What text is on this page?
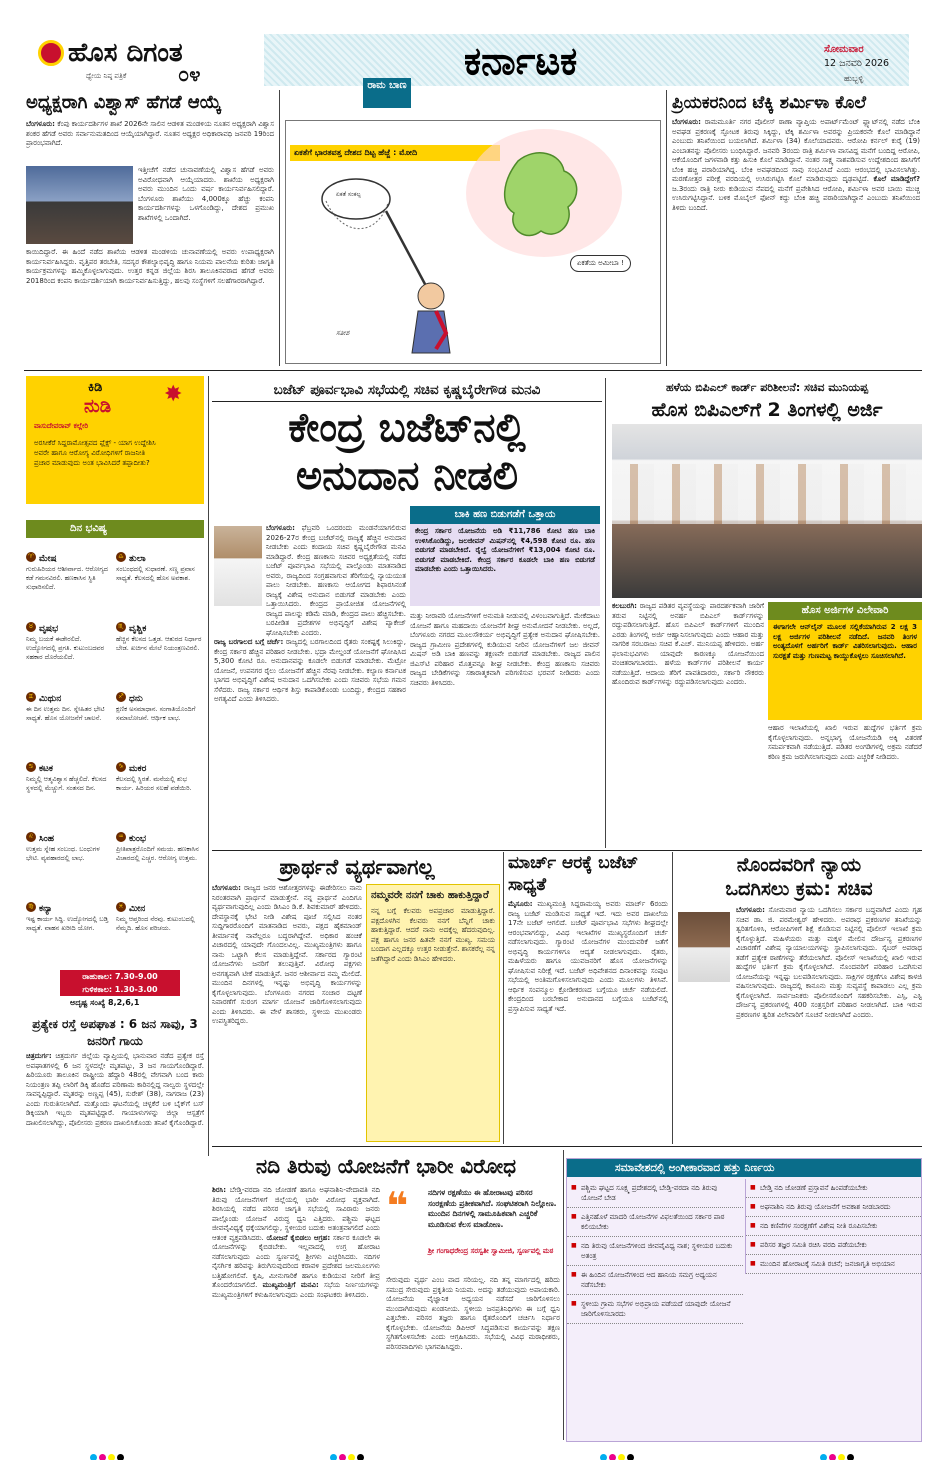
ಹೊಸ ದಿಗಂತ
ಧ್ಯೇಯ ನಿಷ್ಠ ಪತ್ರಿಕೆ	೦೪	ಕರ್ನಾಟಕ	ಸೋಮವಾರ
12 ಜನವರಿ 2026
ಹುಬ್ಬಳ್ಳಿ
ರಾಮ ಬಾಣ
ಅಧ್ಯಕ್ಷರಾಗಿ ವಿಶ್ವಾಸ್ ಹೆಗಡೆ ಆಯ್ಕೆ
ಬೆಂಗಳೂರು: ಕೆಂಪು ಕಾರ್ಯದರ್ಶಿಗಳ ಶಾಖೆ 2026ನೇ ಸಾಲಿನ ಆಡಳಿತ ಮಂಡಳಿಯ ನೂತನ ಅಧ್ಯಕ್ಷರಾಗಿ ವಿಶ್ವಾಸ ಶಂಕರ ಹೆಗಡೆ ಅವರು ಸರ್ವಾನುಮತದಿಂದ ಆಯ್ಕೆಯಾಗಿದ್ದಾರೆ. ನೂತನ ಅಧ್ಯಕ್ಷರ ಅಧಿಕಾರಾವಧಿ ಜನವರಿ 19ರಿಂದ ಪ್ರಾರಂಭವಾಗಿದೆ.
ಇತ್ತೀಚೆಗೆ ನಡೆದ ಚುನಾವಣೆಯಲ್ಲಿ ವಿಶ್ವಾಸ ಹೆಗಡೆ ಅವರು ಅವಿರೋಧವಾಗಿ ಆಯ್ಕೆಯಾದರು. ಶಾಖೆಯ ಅಧ್ಯಕ್ಷರಾಗಿ ಅವರು ಮುಂದಿನ ಒಂದು ವರ್ಷ ಕಾರ್ಯನಿರ್ವಹಿಸಲಿದ್ದಾರೆ. ಬೆಂಗಳೂರು ಶಾಖೆಯು 4,000ಕ್ಕೂ ಹೆಚ್ಚು ಕಂಪನಿ ಕಾರ್ಯದರ್ಶಿಗಳನ್ನು ಒಳಗೊಂಡಿದ್ದು, ದೇಶದ ಪ್ರಮುಖ ಶಾಖೆಗಳಲ್ಲಿ ಒಂದಾಗಿದೆ.
ಕಾಯಿದಿದ್ದಾರೆ. ಈ ಹಿಂದೆ ನಡೆದ ಶಾಖೆಯ ಆಡಳಿತ ಮಂಡಳಿಯ ಚುನಾವಣೆಯಲ್ಲಿ ಅವರು ಉಪಾಧ್ಯಕ್ಷರಾಗಿ ಕಾರ್ಯನಿರ್ವಹಿಸಿದ್ದರು. ವೃತ್ತಿಪರ ತರಬೇತಿ, ಸದಸ್ಯರ ಕೌಶಲ್ಯಾಭಿವೃದ್ಧಿ ಹಾಗೂ ನಿಯಮ ಪಾಲನೆಯ ಕುರಿತು ಜಾಗೃತಿ ಕಾರ್ಯಕ್ರಮಗಳನ್ನು ಹಮ್ಮಿಕೊಳ್ಳಲಾಗುವುದು. ಉತ್ತರ ಕನ್ನಡ ಜಿಲ್ಲೆಯ ಶಿರಸಿ ತಾಲೂಕಿನವರಾದ ಹೆಗಡೆ ಅವರು 2018ರಿಂದ ಕಂಪನಿ ಕಾರ್ಯದರ್ಶಿಯಾಗಿ ಕಾರ್ಯನಿರ್ವಹಿಸುತ್ತಿದ್ದು, ಹಲವು ಸಂಸ್ಥೆಗಳಿಗೆ ಸಲಹೆಗಾರರಾಗಿದ್ದಾರೆ.
ಏಕತೆಗೆ ಭಾರತವತ್ತ ದೇಶದ ದಿಟ್ಟ ಹೆಜ್ಜೆ : ಮೋದಿ
ಏಕತೆ ಸಂಕಲ್ಪ
ಏಕತೆಯ ಅಮೀಬಾ !
ಸತೀಶ
ಪ್ರಿಯಕರನಿಂದ ಟೆಕ್ಕಿ ಶರ್ಮಿಳಾ ಕೊಲೆ
ಬೆಂಗಳೂರು: ರಾಮಮೂರ್ತಿ ನಗರ ಪೊಲೀಸ್ ಠಾಣಾ ವ್ಯಾಪ್ತಿಯ ಅಪಾರ್ಟ್‌ಮೆಂಟ್ ಫ್ಲ್ಯಾಟ್‌ನಲ್ಲಿ ನಡೆದ ಬೆಂಕಿ ಅವಘಡ ಪ್ರಕರಣಕ್ಕೆ ಸ್ಫೋಟಕ ತಿರುವು ಸಿಕ್ಕಿದ್ದು, ಟೆಕ್ಕಿ ಶರ್ಮಿಳಾ ಅವರನ್ನು ಪ್ರಿಯಕರನೇ ಕೊಲೆ ಮಾಡಿದ್ದಾನೆ ಎಂಬುದು ತನಿಖೆಯಿಂದ ಬಯಲಾಗಿದೆ. ಶರ್ಮಿಳಾ (34) ಕೊಲೆಯಾದವರು. ಆರೋಪಿ ಕರ್ನಲ್ ಕುರೈ (19) ಎಂಬಾತನನ್ನು ಪೊಲೀಸರು ಬಂಧಿಸಿದ್ದಾರೆ. ಜನವರಿ 3ರಂದು ರಾತ್ರಿ ಶರ್ಮಿಳಾ ವಾಸವಿದ್ದ ಮನೆಗೆ ಬಂದಿದ್ದ ಆರೋಪಿ, ಆಕೆಯೊಂದಿಗೆ ಜಗಳವಾಡಿ ಕತ್ತು ಹಿಸುಕಿ ಕೊಲೆ ಮಾಡಿದ್ದಾನೆ. ನಂತರ ಸಾಕ್ಷ್ಯ ನಾಶಪಡಿಸುವ ಉದ್ದೇಶದಿಂದ ಹಾಸಿಗೆಗೆ ಬೆಂಕಿ ಹಚ್ಚಿ ಪರಾರಿಯಾಗಿದ್ದ. ಬೆಂಕಿ ಅವಘಡದಿಂದ ಸಾವು ಸಂಭವಿಸಿದೆ ಎಂದು ಆರಂಭದಲ್ಲಿ ಭಾವಿಸಲಾಗಿತ್ತು. ಮರಣೋತ್ತರ ಪರೀಕ್ಷೆ ವರದಿಯಲ್ಲಿ ಉಸಿರುಗಟ್ಟಿಸಿ ಕೊಲೆ ಮಾಡಿರುವುದು ದೃಢಪಟ್ಟಿದೆ. ಕೊಲೆ ಮಾಡಿದ್ದೇಗೆ? ಜ.3ರಂದು ರಾತ್ರಿ ನೀರು ಕುಡಿಯುವ ನೆಪದಲ್ಲಿ ಮನೆಗೆ ಪ್ರವೇಶಿಸಿದ ಆರೋಪಿ, ಶರ್ಮಿಳಾ ಅವರ ಬಾಯಿ ಮುಚ್ಚಿ ಉಸಿರುಗಟ್ಟಿಸಿದ್ದಾನೆ. ಬಳಿಕ ಮೊಬೈಲ್ ಫೋನ್ ಕದ್ದು ಬೆಂಕಿ ಹಚ್ಚಿ ಪರಾರಿಯಾಗಿದ್ದಾನೆ ಎಂಬುದು ತನಿಖೆಯಿಂದ ತಿಳಿದು ಬಂದಿದೆ.
ಕಿಡಿ
ನುಡಿ ✸
ವಾಸುದೇವರಾವ್ ಕಲ್ಲೇರಿ
ಅರಸೀಕೆರೆ ಸಿದ್ದರಾಮೋತ್ಸವದ ಫ್ಲೆಕ್ಸ್ - ಯಾಗ ಉದ್ದೇಶಿಸಿ
ಅವರೇ ಹಾಗೂ ಆರೋಗ್ಯ ವಿರೋಧಿಗಳಿಗೆ ರಾಜನೀತಿ
ಪ್ರಚಾರ ಮಾಡುವುದು ಅಂತ ಭಾವಿಸಿದರೆ ತಪ್ಪಾದೀತು?
ದಿನ ಭವಿಷ್ಯ
♈ ಮೇಷ
ಗುರುಹಿರಿಯರ ಆಶೀರ್ವಾದ. ಆರೋಗ್ಯದ ಕಡೆ ಗಮನವಿರಲಿ. ಹಣಕಾಸಿನ ಸ್ಥಿತಿ ಸುಧಾರಿಸಲಿದೆ.
♎ ತುಲಾ
ಸಂಬಂಧದಲ್ಲಿ ಸುಧಾರಣೆ. ಸಣ್ಣ ಪ್ರವಾಸ ಸಾಧ್ಯತೆ. ಕೆಲಸದಲ್ಲಿ ಹೊಸ ಅವಕಾಶ.
♉ ವೃಷಭ
ನಿಮ್ಮ ಬಯಕೆ ಈಡೇರಲಿದೆ. ಉದ್ಯೋಗದಲ್ಲಿ ಪ್ರಗತಿ. ಕುಟುಂಬದವರ ಸಹಕಾರ ದೊರೆಯಲಿದೆ.
♏ ವೃಶ್ಚಿಕ
ಹೆಚ್ಚಿನ ಕೆಲಸದ ಒತ್ತಡ. ಆತುರದ ನಿರ್ಧಾರ ಬೇಡ. ಖರ್ಚಿನ ಮೇಲೆ ನಿಯಂತ್ರಣವಿರಲಿ.
♊ ಮಿಥುನ
ಈ ದಿನ ಉತ್ತಮ ದಿನ. ಸ್ನೇಹಿತರ ಭೇಟಿ ಸಾಧ್ಯತೆ. ಹೊಸ ಯೋಜನೆಗೆ ಚಾಲನೆ.
♐ ಧನು
ಕ್ಷಣಿಕ ಅಸಮಾಧಾನ. ಸಂಗಾತಿಯೊಂದಿಗೆ ಸಮಾಲೋಚನೆ. ಆರ್ಥಿಕ ಲಾಭ.
♋ ಕಟಕ
ನಿಮ್ಮಲ್ಲಿ ಆತ್ಮವಿಶ್ವಾಸ ಹೆಚ್ಚಲಿದೆ. ಕೆಲಸದ ಸ್ಥಳದಲ್ಲಿ ಮೆಚ್ಚುಗೆ. ಸಂತಸದ ದಿನ.
♑ ಮಕರ
ಕೆಲಸದಲ್ಲಿ ಸ್ಥಿರತೆ. ಮನೆಯಲ್ಲಿ ಶುಭ ಕಾರ್ಯ. ಹಿರಿಯರ ಸಲಹೆ ಪಡೆಯಿರಿ.
♌ ಸಿಂಹ
ಉತ್ತಮ ಸ್ನೇಹ ಸಂಬಂಧ. ಬಂಧುಗಳ ಭೇಟಿ. ವ್ಯವಹಾರದಲ್ಲಿ ಲಾಭ.
♒ ಕುಂಭ
ಪ್ರೀತಿಪಾತ್ರರೊಂದಿಗೆ ಸಮಯ. ಹಣಕಾಸಿನ ವಿಚಾರದಲ್ಲಿ ಎಚ್ಚರ. ಆರೋಗ್ಯ ಉತ್ತಮ.
♍ ಕನ್ಯಾ
ಇಷ್ಟ ಕಾರ್ಯ ಸಿದ್ಧಿ. ಉದ್ಯೋಗದಲ್ಲಿ ಬಡ್ತಿ ಸಾಧ್ಯತೆ. ವಾಹನ ಖರೀದಿ ಯೋಗ.
♓ ಮೀನ
ನಿಮ್ಮ ಆಪ್ತರಿಂದ ನೆರವು. ಕುಟುಂಬದಲ್ಲಿ ನೆಮ್ಮದಿ. ಹೊಸ ಪರಿಚಯ.
ರಾಹುಕಾಲ: 7.30-9.00
ಗುಳಿಕಕಾಲ: 1.30-3.00
ಅದೃಷ್ಟ ಸಂಖ್ಯೆ 8,2,6,1
ಪ್ರತ್ಯೇಕ ರಸ್ತೆ ಅಪಘಾತ : 6 ಜನ ಸಾವು, 3 ಜನರಿಗೆ ಗಾಯ
ಚಿತ್ರದುರ್ಗ: ಚಿತ್ರದುರ್ಗ ಜಿಲ್ಲೆಯ ವ್ಯಾಪ್ತಿಯಲ್ಲಿ ಭಾನುವಾರ ನಡೆದ ಪ್ರತ್ಯೇಕ ರಸ್ತೆ ಅಪಘಾತಗಳಲ್ಲಿ 6 ಜನ ಸ್ಥಳದಲ್ಲೇ ಮೃತಪಟ್ಟು, 3 ಜನ ಗಾಯಗೊಂಡಿದ್ದಾರೆ. ಹಿರಿಯೂರು ತಾಲೂಕಿನ ರಾಷ್ಟ್ರೀಯ ಹೆದ್ದಾರಿ 48ರಲ್ಲಿ ವೇಗವಾಗಿ ಬಂದ ಕಾರು ನಿಯಂತ್ರಣ ತಪ್ಪಿ ಲಾರಿಗೆ ಡಿಕ್ಕಿ ಹೊಡೆದ ಪರಿಣಾಮ ಕಾರಿನಲ್ಲಿದ್ದ ನಾಲ್ವರು ಸ್ಥಳದಲ್ಲೇ ಸಾವನ್ನಪ್ಪಿದ್ದಾರೆ. ಮೃತರನ್ನು ಅಣ್ಣಪ್ಪ (45), ಸುರೇಶ್ (38), ನಾಗರಾಜ (23) ಎಂದು ಗುರುತಿಸಲಾಗಿದೆ. ಮತ್ತೊಂದು ಘಟನೆಯಲ್ಲಿ ಚಳ್ಳಕೆರೆ ಬಳಿ ಬೈಕ್‌ಗೆ ಬಸ್ ಡಿಕ್ಕಿಯಾಗಿ ಇಬ್ಬರು ಮೃತಪಟ್ಟಿದ್ದಾರೆ. ಗಾಯಾಳುಗಳನ್ನು ಜಿಲ್ಲಾ ಆಸ್ಪತ್ರೆಗೆ ದಾಖಲಿಸಲಾಗಿದ್ದು, ಪೊಲೀಸರು ಪ್ರಕರಣ ದಾಖಲಿಸಿಕೊಂಡು ತನಿಖೆ ಕೈಗೊಂಡಿದ್ದಾರೆ.
ಬಜೆಟ್ ಪೂರ್ವಭಾವಿ ಸಭೆಯಲ್ಲಿ ಸಚಿವ ಕೃಷ್ಣಬೈರೇಗೌಡ ಮನವಿ
ಕೇಂದ್ರ ಬಜೆಟ್‌ನಲ್ಲಿ
ಅನುದಾನ ನೀಡಲಿ
ಬೆಂಗಳೂರು: ಫೆಬ್ರವರಿ ಒಂದರಂದು ಮಂಡನೆಯಾಗಲಿರುವ 2026-27ರ ಕೇಂದ್ರ ಬಜೆಟ್‌ನಲ್ಲಿ ರಾಜ್ಯಕ್ಕೆ ಹೆಚ್ಚಿನ ಅನುದಾನ ನೀಡಬೇಕು ಎಂದು ಕಂದಾಯ ಸಚಿವ ಕೃಷ್ಣಬೈರೇಗೌಡ ಮನವಿ ಮಾಡಿದ್ದಾರೆ. ಕೇಂದ್ರ ಹಣಕಾಸು ಸಚಿವರ ಅಧ್ಯಕ್ಷತೆಯಲ್ಲಿ ನಡೆದ ಬಜೆಟ್ ಪೂರ್ವಭಾವಿ ಸಭೆಯಲ್ಲಿ ಪಾಲ್ಗೊಂಡು ಮಾತನಾಡಿದ ಅವರು, ರಾಜ್ಯದಿಂದ ಸಂಗ್ರಹವಾಗುವ ತೆರಿಗೆಯಲ್ಲಿ ನ್ಯಾಯಯುತ ಪಾಲು ನೀಡಬೇಕು. ಹಣಕಾಸು ಆಯೋಗದ ಶಿಫಾರಸಿನಂತೆ ರಾಜ್ಯಕ್ಕೆ ವಿಶೇಷ ಅನುದಾನ ಬಿಡುಗಡೆ ಮಾಡಬೇಕು ಎಂದು ಒತ್ತಾಯಿಸಿದರು. ಕೇಂದ್ರದ ಪ್ರಾಯೋಜಿತ ಯೋಜನೆಗಳಲ್ಲಿ ರಾಜ್ಯದ ಪಾಲನ್ನು ಕಡಿಮೆ ಮಾಡಿ, ಕೇಂದ್ರದ ಪಾಲು ಹೆಚ್ಚಿಸಬೇಕು. ಬರಪೀಡಿತ ಪ್ರದೇಶಗಳ ಅಭಿವೃದ್ಧಿಗೆ ವಿಶೇಷ ಪ್ಯಾಕೇಜ್ ಘೋಷಿಸಬೇಕು ಎಂದರು.
ರಾಜ್ಯ ಬರಗಾಲದ ಬಗ್ಗೆ ಚರ್ಚೆ: ರಾಜ್ಯದಲ್ಲಿ ಬರಗಾಲದಿಂದ ರೈತರು ಸಂಕಷ್ಟಕ್ಕೆ ಸಿಲುಕಿದ್ದು, ಕೇಂದ್ರ ಸರ್ಕಾರ ಹೆಚ್ಚಿನ ಪರಿಹಾರ ನೀಡಬೇಕು. ಭದ್ರಾ ಮೇಲ್ದಂಡೆ ಯೋಜನೆಗೆ ಘೋಷಿಸಿದ 5,300 ಕೋಟಿ ರೂ. ಅನುದಾನವನ್ನು ಕೂಡಲೇ ಬಿಡುಗಡೆ ಮಾಡಬೇಕು. ಮೆಟ್ರೋ ಯೋಜನೆ, ಉಪನಗರ ರೈಲು ಯೋಜನೆಗೆ ಹೆಚ್ಚಿನ ನೆರವು ನೀಡಬೇಕು. ಕಲ್ಯಾಣ ಕರ್ನಾಟಕ ಭಾಗದ ಅಭಿವೃದ್ಧಿಗೆ ವಿಶೇಷ ಅನುದಾನ ಒದಗಿಸಬೇಕು ಎಂದು ಸಚಿವರು ಸಭೆಯ ಗಮನ ಸೆಳೆದರು. ರಾಜ್ಯ ಸರ್ಕಾರ ಆರ್ಥಿಕ ಶಿಸ್ತು ಕಾಪಾಡಿಕೊಂಡು ಬಂದಿದ್ದು, ಕೇಂದ್ರದ ಸಹಕಾರ ಅಗತ್ಯವಿದೆ ಎಂದು ತಿಳಿಸಿದರು.
ಬಾಕಿ ಹಣ ಬಿಡುಗಡೆಗೆ ಒತ್ತಾಯ
ಕೇಂದ್ರ ಸರ್ಕಾರ ಯೋಜನೆಯ ಅಡಿ ₹11,786 ಕೋಟಿ ಹಣ ಬಾಕಿ ಉಳಿಸಿಕೊಂಡಿದ್ದು, ಜಲಜೀವನ್ ಮಿಷನ್‌ನಲ್ಲಿ ₹4,598 ಕೋಟಿ ರೂ. ಹಣ ಬಿಡುಗಡೆ ಮಾಡಬೇಕಿದೆ. ರೈಲ್ವೆ ಯೋಜನೆಗಳಿಗೆ ₹13,004 ಕೋಟಿ ರೂ. ಬಿಡುಗಡೆ ಮಾಡಬೇಕಿದೆ. ಕೇಂದ್ರ ಸರ್ಕಾರ ಕೂಡಲೇ ಬಾಕಿ ಹಣ ಬಿಡುಗಡೆ ಮಾಡಬೇಕು ಎಂದು ಒತ್ತಾಯಿಸಿದರು.
ಮತ್ತು ನೀರಾವರಿ ಯೋಜನೆಗಳಿಗೆ ಅನುಮತಿ ನೀಡುವಲ್ಲಿ ವಿಳಂಬವಾಗುತ್ತಿದೆ. ಮೇಕೆದಾಟು ಯೋಜನೆ ಹಾಗೂ ಮಹದಾಯಿ ಯೋಜನೆಗೆ ಶೀಘ್ರ ಅನುಮೋದನೆ ನೀಡಬೇಕು. ಅಲ್ಲದೆ, ಬೆಂಗಳೂರು ನಗರದ ಮೂಲಸೌಕರ್ಯ ಅಭಿವೃದ್ಧಿಗೆ ಪ್ರತ್ಯೇಕ ಅನುದಾನ ಘೋಷಿಸಬೇಕು. ರಾಜ್ಯದ ಗ್ರಾಮೀಣ ಪ್ರದೇಶಗಳಲ್ಲಿ ಕುಡಿಯುವ ನೀರಿನ ಯೋಜನೆಗಳಿಗೆ ಜಲ ಜೀವನ್ ಮಿಷನ್ ಅಡಿ ಬಾಕಿ ಹಣವನ್ನು ತಕ್ಷಣವೇ ಬಿಡುಗಡೆ ಮಾಡಬೇಕು. ರಾಜ್ಯದ ಪಾಲಿನ ಜಿಎಸ್‌ಟಿ ಪರಿಹಾರ ಮೊತ್ತವನ್ನೂ ಶೀಘ್ರ ನೀಡಬೇಕು. ಕೇಂದ್ರ ಹಣಕಾಸು ಸಚಿವರು ರಾಜ್ಯದ ಬೇಡಿಕೆಗಳನ್ನು ಸಕಾರಾತ್ಮಕವಾಗಿ ಪರಿಗಣಿಸುವ ಭರವಸೆ ನೀಡಿದರು ಎಂದು ಸಚಿವರು ತಿಳಿಸಿದರು.
ಹಳೆಯ ಬಿಪಿಎಲ್ ಕಾರ್ಡ್ ಪರಿಶೀಲನೆ: ಸಚಿವ ಮುನಿಯಪ್ಪ
ಹೊಸ ಬಿಪಿಎಲ್‌ಗೆ 2 ತಿಂಗಳಲ್ಲಿ ಅರ್ಜಿ
ಕಲಬುರಗಿ: ರಾಜ್ಯದ ಪಡಿತರ ವ್ಯವಸ್ಥೆಯನ್ನು ಪಾರದರ್ಶಕವಾಗಿ ಜಾರಿಗೆ ತರುವ ನಿಟ್ಟಿನಲ್ಲಿ ಅನರ್ಹ ಬಿಪಿಎಲ್ ಕಾರ್ಡ್‌ಗಳನ್ನು ರದ್ದುಪಡಿಸಲಾಗುತ್ತಿದೆ. ಹೊಸ ಬಿಪಿಎಲ್ ಕಾರ್ಡ್‌ಗಳಿಗೆ ಮುಂದಿನ ಎರಡು ತಿಂಗಳಲ್ಲಿ ಅರ್ಜಿ ಆಹ್ವಾನಿಸಲಾಗುವುದು ಎಂದು ಆಹಾರ ಮತ್ತು ನಾಗರಿಕ ಸರಬರಾಜು ಸಚಿವ ಕೆ.ಎಚ್. ಮುನಿಯಪ್ಪ ಹೇಳಿದರು. ಅರ್ಹ ಫಲಾನುಭವಿಗಳು ಯಾವುದೇ ಕಾರಣಕ್ಕೂ ಯೋಜನೆಯಿಂದ ವಂಚಿತರಾಗಬಾರದು. ಹಳೆಯ ಕಾರ್ಡ್‌ಗಳ ಪರಿಶೀಲನೆ ಕಾರ್ಯ ನಡೆಯುತ್ತಿದೆ. ಆದಾಯ ತೆರಿಗೆ ಪಾವತಿದಾರರು, ಸರ್ಕಾರಿ ನೌಕರರು ಹೊಂದಿರುವ ಕಾರ್ಡ್‌ಗಳನ್ನು ರದ್ದುಪಡಿಸಲಾಗುವುದು ಎಂದರು.
ಹೊಸ ಅರ್ಜಿಗಳ ವಿಲೇವಾರಿ
ಈಗಾಗಲೇ ಆನ್‌ಲೈನ್ ಮೂಲಕ ಸಲ್ಲಿಕೆಯಾಗಿರುವ 2 ಲಕ್ಷ 3 ಲಕ್ಷ ಅರ್ಜಿಗಳ ಪರಿಶೀಲನೆ ನಡೆದಿದೆ. ಜನವರಿ ತಿಂಗಳ ಅಂತ್ಯದೊಳಗೆ ಅರ್ಹರಿಗೆ ಕಾರ್ಡ್ ವಿತರಿಸಲಾಗುವುದು. ಆಹಾರ ಸುರಕ್ಷತೆ ಮತ್ತು ಗುಣಮಟ್ಟ ಕಾಯ್ದುಕೊಳ್ಳಲು ಸೂಚಿಸಲಾಗಿದೆ.
ಆಹಾರ ಇಲಾಖೆಯಲ್ಲಿ ಖಾಲಿ ಇರುವ ಹುದ್ದೆಗಳ ಭರ್ತಿಗೆ ಕ್ರಮ ಕೈಗೊಳ್ಳಲಾಗುವುದು. ಅನ್ನಭಾಗ್ಯ ಯೋಜನೆಯಡಿ ಅಕ್ಕಿ ವಿತರಣೆ ಸಮರ್ಪಕವಾಗಿ ನಡೆಯುತ್ತಿದೆ. ಪಡಿತರ ಅಂಗಡಿಗಳಲ್ಲಿ ಅಕ್ರಮ ನಡೆದರೆ ಕಠಿಣ ಕ್ರಮ ಜರುಗಿಸಲಾಗುವುದು ಎಂದು ಎಚ್ಚರಿಕೆ ನೀಡಿದರು.
ಪ್ರಾರ್ಥನೆ ವ್ಯರ್ಥವಾಗಲ್ಲ
ಬೆಂಗಳೂರು: ರಾಜ್ಯದ ಜನರ ಆಶೋತ್ತರಗಳನ್ನು ಈಡೇರಿಸಲು ನಾನು ನಿರಂತರವಾಗಿ ಪ್ರಾರ್ಥನೆ ಮಾಡುತ್ತೇನೆ. ನನ್ನ ಪ್ರಾರ್ಥನೆ ಎಂದಿಗೂ ವ್ಯರ್ಥವಾಗುವುದಿಲ್ಲ ಎಂದು ಡಿಸಿಎಂ ಡಿ.ಕೆ. ಶಿವಕುಮಾರ್ ಹೇಳಿದರು. ದೇವಸ್ಥಾನಕ್ಕೆ ಭೇಟಿ ನೀಡಿ ವಿಶೇಷ ಪೂಜೆ ಸಲ್ಲಿಸಿದ ನಂತರ ಸುದ್ದಿಗಾರರೊಂದಿಗೆ ಮಾತನಾಡಿದ ಅವರು, ಪಕ್ಷದ ಹೈಕಮಾಂಡ್ ತೀರ್ಮಾನಕ್ಕೆ ನಾವೆಲ್ಲರೂ ಬದ್ಧರಾಗಿದ್ದೇವೆ. ಅಧಿಕಾರ ಹಂಚಿಕೆ ವಿಚಾರದಲ್ಲಿ ಯಾವುದೇ ಗೊಂದಲವಿಲ್ಲ. ಮುಖ್ಯಮಂತ್ರಿಗಳು ಹಾಗೂ ನಾನು ಒಟ್ಟಾಗಿ ಕೆಲಸ ಮಾಡುತ್ತಿದ್ದೇವೆ. ಸರ್ಕಾರದ ಗ್ಯಾರಂಟಿ ಯೋಜನೆಗಳು ಜನರಿಗೆ ತಲುಪುತ್ತಿವೆ. ವಿರೋಧ ಪಕ್ಷಗಳು ಅನಗತ್ಯವಾಗಿ ಟೀಕೆ ಮಾಡುತ್ತಿವೆ. ಜನರ ಆಶೀರ್ವಾದ ನಮ್ಮ ಮೇಲಿದೆ. ಮುಂದಿನ ದಿನಗಳಲ್ಲಿ ಇನ್ನಷ್ಟು ಅಭಿವೃದ್ಧಿ ಕಾರ್ಯಗಳನ್ನು ಕೈಗೊಳ್ಳಲಾಗುವುದು. ಬೆಂಗಳೂರು ನಗರದ ಸಂಚಾರ ದಟ್ಟಣೆ ನಿವಾರಣೆಗೆ ಸುರಂಗ ಮಾರ್ಗ ಯೋಜನೆ ಜಾರಿಗೊಳಿಸಲಾಗುವುದು ಎಂದು ತಿಳಿಸಿದರು. ಈ ವೇಳೆ ಶಾಸಕರು, ಸ್ಥಳೀಯ ಮುಖಂಡರು ಉಪಸ್ಥಿತರಿದ್ದರು.
ನಮ್ಮವರೇ ನನಗೆ ಚಾಕು ಹಾಕುತ್ತಿದ್ದಾರೆ
ನನ್ನ ಬಗ್ಗೆ ಕೆಲವರು ಅಪಪ್ರಚಾರ ಮಾಡುತ್ತಿದ್ದಾರೆ. ಪಕ್ಷದೊಳಗಿನ ಕೆಲವರು ನನಗೆ ಬೆನ್ನಿಗೆ ಚಾಕು ಹಾಕುತ್ತಿದ್ದಾರೆ. ಆದರೆ ನಾನು ಅದಕ್ಕೆಲ್ಲ ಹೆದರುವುದಿಲ್ಲ. ಪಕ್ಷ ಹಾಗೂ ಜನರ ಹಿತವೇ ನನಗೆ ಮುಖ್ಯ. ಸಮಯ ಬಂದಾಗ ಎಲ್ಲದಕ್ಕೂ ಉತ್ತರ ನೀಡುತ್ತೇನೆ. ಶಾಸಕರೆಲ್ಲ ನನ್ನ ಜತೆಗಿದ್ದಾರೆ ಎಂದು ಡಿಸಿಎಂ ಹೇಳಿದರು.
ಮಾರ್ಚ್ ಆರಕ್ಕೆ ಬಜೆಟ್ ಸಾಧ್ಯತೆ
ಮೈಸೂರು: ಮುಖ್ಯಮಂತ್ರಿ ಸಿದ್ದರಾಮಯ್ಯ ಅವರು ಮಾರ್ಚ್ 6ರಂದು ರಾಜ್ಯ ಬಜೆಟ್ ಮಂಡಿಸುವ ಸಾಧ್ಯತೆ ಇದೆ. ಇದು ಅವರ ದಾಖಲೆಯ 17ನೇ ಬಜೆಟ್ ಆಗಲಿದೆ. ಬಜೆಟ್ ಪೂರ್ವಭಾವಿ ಸಭೆಗಳು ಶೀಘ್ರದಲ್ಲೇ ಆರಂಭವಾಗಲಿದ್ದು, ವಿವಿಧ ಇಲಾಖೆಗಳ ಮುಖ್ಯಸ್ಥರೊಂದಿಗೆ ಚರ್ಚೆ ನಡೆಸಲಾಗುವುದು. ಗ್ಯಾರಂಟಿ ಯೋಜನೆಗಳ ಮುಂದುವರಿಕೆ ಜತೆಗೆ ಅಭಿವೃದ್ಧಿ ಕಾರ್ಯಗಳಿಗೂ ಆದ್ಯತೆ ನೀಡಲಾಗುವುದು. ರೈತರು, ಮಹಿಳೆಯರು ಹಾಗೂ ಯುವಜನರಿಗೆ ಹೊಸ ಯೋಜನೆಗಳನ್ನು ಘೋಷಿಸುವ ನಿರೀಕ್ಷೆ ಇದೆ. ಬಜೆಟ್ ಅಧಿವೇಶನದ ದಿನಾಂಕವನ್ನು ಸಂಪುಟ ಸಭೆಯಲ್ಲಿ ಅಂತಿಮಗೊಳಿಸಲಾಗುವುದು ಎಂದು ಮೂಲಗಳು ತಿಳಿಸಿವೆ. ಆರ್ಥಿಕ ಸಂಪನ್ಮೂಲ ಕ್ರೋಡೀಕರಣದ ಬಗ್ಗೆಯೂ ಚರ್ಚೆ ನಡೆಯಲಿದೆ. ಕೇಂದ್ರದಿಂದ ಬರಬೇಕಾದ ಅನುದಾನದ ಬಗ್ಗೆಯೂ ಬಜೆಟ್‌ನಲ್ಲಿ ಪ್ರಸ್ತಾಪಿಸುವ ಸಾಧ್ಯತೆ ಇದೆ.
ನೊಂದವರಿಗೆ ನ್ಯಾಯ
ಒದಗಿಸಲು ಕ್ರಮ: ಸಚಿವ
ಬೆಂಗಳೂರು: ಸೋಮವಾರ ನ್ಯಾಯ ಒದಗಿಸಲು ಸರ್ಕಾರ ಬದ್ಧವಾಗಿದೆ ಎಂದು ಗೃಹ ಸಚಿವ ಡಾ. ಜಿ. ಪರಮೇಶ್ವರ್ ಹೇಳಿದರು. ಅಪರಾಧ ಪ್ರಕರಣಗಳ ತನಿಖೆಯನ್ನು ತ್ವರಿತಗೊಳಿಸಿ, ಆರೋಪಿಗಳಿಗೆ ಶಿಕ್ಷೆ ಕೊಡಿಸುವ ನಿಟ್ಟಿನಲ್ಲಿ ಪೊಲೀಸ್ ಇಲಾಖೆ ಕ್ರಮ ಕೈಗೊಳ್ಳುತ್ತಿದೆ. ಮಹಿಳೆಯರು ಮತ್ತು ಮಕ್ಕಳ ಮೇಲಿನ ದೌರ್ಜನ್ಯ ಪ್ರಕರಣಗಳ ವಿಚಾರಣೆಗೆ ವಿಶೇಷ ನ್ಯಾಯಾಲಯಗಳನ್ನು ಸ್ಥಾಪಿಸಲಾಗುವುದು. ಸೈಬರ್ ಅಪರಾಧ ತಡೆಗೆ ಪ್ರತ್ಯೇಕ ಠಾಣೆಗಳನ್ನು ತೆರೆಯಲಾಗಿದೆ. ಪೊಲೀಸ್ ಇಲಾಖೆಯಲ್ಲಿ ಖಾಲಿ ಇರುವ ಹುದ್ದೆಗಳ ಭರ್ತಿಗೆ ಕ್ರಮ ಕೈಗೊಳ್ಳಲಾಗಿದೆ. ನೊಂದವರಿಗೆ ಪರಿಹಾರ ಒದಗಿಸುವ ಯೋಜನೆಯನ್ನು ಇನ್ನಷ್ಟು ಬಲಪಡಿಸಲಾಗುವುದು. ಸಾಕ್ಷಿಗಳ ರಕ್ಷಣೆಗೂ ವಿಶೇಷ ಕಾಳಜಿ ವಹಿಸಲಾಗುವುದು. ರಾಜ್ಯದಲ್ಲಿ ಕಾನೂನು ಮತ್ತು ಸುವ್ಯವಸ್ಥೆ ಕಾಪಾಡಲು ಎಲ್ಲ ಕ್ರಮ ಕೈಗೊಳ್ಳಲಾಗಿದೆ. ಸಾರ್ವಜನಿಕರು ಪೊಲೀಸರೊಂದಿಗೆ ಸಹಕರಿಸಬೇಕು. ಎಸ್ಸಿ, ಎಸ್ಟಿ ದೌರ್ಜನ್ಯ ಪ್ರಕರಣಗಳಲ್ಲಿ 400 ಸಂತ್ರಸ್ತರಿಗೆ ಪರಿಹಾರ ನೀಡಲಾಗಿದೆ. ಬಾಕಿ ಇರುವ ಪ್ರಕರಣಗಳ ತ್ವರಿತ ವಿಲೇವಾರಿಗೆ ಸೂಚನೆ ನೀಡಲಾಗಿದೆ ಎಂದರು.
ನದಿ ತಿರುವು ಯೋಜನೆಗೆ ಭಾರೀ ವಿರೋಧ
ಶಿರಸಿ: ಬೇಡ್ತಿ-ವರದಾ ನದಿ ಜೋಡಣೆ ಹಾಗೂ ಅಘನಾಶಿನಿ-ವೇದಾವತಿ ನದಿ ತಿರುವು ಯೋಜನೆಗಳಿಗೆ ಜಿಲ್ಲೆಯಲ್ಲಿ ಭಾರೀ ವಿರೋಧ ವ್ಯಕ್ತವಾಗಿದೆ. ಶಿರಸಿಯಲ್ಲಿ ನಡೆದ ಪರಿಸರ ಜಾಗೃತಿ ಸಭೆಯಲ್ಲಿ ಸಾವಿರಾರು ಜನರು ಪಾಲ್ಗೊಂಡು ಯೋಜನೆ ವಿರುದ್ಧ ಧ್ವನಿ ಎತ್ತಿದರು. ಪಶ್ಚಿಮ ಘಟ್ಟದ ಜೀವವೈವಿಧ್ಯಕ್ಕೆ ಧಕ್ಕೆಯಾಗಲಿದ್ದು, ಸ್ಥಳೀಯರ ಬದುಕು ಅತಂತ್ರವಾಗಲಿದೆ ಎಂದು ಆತಂಕ ವ್ಯಕ್ತಪಡಿಸಿದರು. ಯೋಜನೆ ಕೈಬಿಡಲು ಆಗ್ರಹ: ಸರ್ಕಾರ ಕೂಡಲೇ ಈ ಯೋಜನೆಗಳನ್ನು ಕೈಬಿಡಬೇಕು. ಇಲ್ಲವಾದಲ್ಲಿ ಉಗ್ರ ಹೋರಾಟ ನಡೆಸಲಾಗುವುದು ಎಂದು ಸ್ವರ್ಣವಲ್ಲಿ ಶ್ರೀಗಳು ಎಚ್ಚರಿಸಿದರು. ನದಿಗಳ ನೈಸರ್ಗಿಕ ಹರಿವನ್ನು ತಿರುಗಿಸುವುದರಿಂದ ಕರಾವಳಿ ಪ್ರದೇಶದ ಜಲಮೂಲಗಳು ಬತ್ತಿಹೋಗಲಿವೆ. ಕೃಷಿ, ಮೀನುಗಾರಿಕೆ ಹಾಗೂ ಕುಡಿಯುವ ನೀರಿಗೆ ತೀವ್ರ ತೊಂದರೆಯಾಗಲಿದೆ. ಮುಖ್ಯಮಂತ್ರಿಗೆ ಮನವಿ: ಸಭೆಯ ನಿರ್ಣಯಗಳನ್ನು ಮುಖ್ಯಮಂತ್ರಿಗಳಿಗೆ ಕಳುಹಿಸಲಾಗುವುದು ಎಂದು ಸಂಘಟಕರು ತಿಳಿಸಿದರು.
❝	ನದಿಗಳ ರಕ್ಷಣೆಯು ಈ ಹೋರಾಟವು ಪರಿಸರ ಸಂರಕ್ಷಣೆಯ ಪ್ರತೀಕವಾಗಿದೆ. ಸಂಘಟಿತರಾಗಿ ನಿಲ್ಲೋಣ. ಮುಂದಿನ ದಿನಗಳಲ್ಲಿ ಸಾಮೂಹಿಕವಾಗಿ ಎಚ್ಚರಿಕೆ ಮೂಡಿಸುವ ಕೆಲಸ ಮಾಡೋಣ.
ಶ್ರೀ ಗಂಗಾಧರೇಂದ್ರ ಸರಸ್ವತೀ ಸ್ವಾಮೀಜಿ, ಸ್ವರ್ಣವಲ್ಲಿ ಮಠ
ಸೇರುವುದು ವ್ಯರ್ಥ ಎಂಬ ವಾದ ಸರಿಯಲ್ಲ. ನದಿ ತನ್ನ ಮಾರ್ಗದಲ್ಲಿ ಹರಿದು ಸಮುದ್ರ ಸೇರುವುದು ಪ್ರಕೃತಿಯ ನಿಯಮ. ಅದನ್ನು ತಡೆಯುವುದು ಅಪಾಯಕಾರಿ. ಯೋಜನೆಯ ವೈಜ್ಞಾನಿಕ ಅಧ್ಯಯನ ನಡೆಸದೆ ಜಾರಿಗೊಳಿಸಲು ಮುಂದಾಗಿರುವುದು ಖಂಡನೀಯ. ಸ್ಥಳೀಯ ಜನಪ್ರತಿನಿಧಿಗಳು ಈ ಬಗ್ಗೆ ಧ್ವನಿ ಎತ್ತಬೇಕು. ಪರಿಸರ ತಜ್ಞರು ಹಾಗೂ ರೈತರೊಂದಿಗೆ ಚರ್ಚಿಸಿ ನಿರ್ಧಾರ ಕೈಗೊಳ್ಳಬೇಕು. ಯೋಜನೆಯ ಡಿಪಿಆರ್ ಸಿದ್ಧಪಡಿಸುವ ಕಾರ್ಯವನ್ನು ತಕ್ಷಣ ಸ್ಥಗಿತಗೊಳಿಸಬೇಕು ಎಂದು ಆಗ್ರಹಿಸಿದರು. ಸಭೆಯಲ್ಲಿ ವಿವಿಧ ಮಠಾಧೀಶರು, ಪರಿಸರವಾದಿಗಳು ಭಾಗವಹಿಸಿದ್ದರು.
ಸಮಾವೇಶದಲ್ಲಿ ಅಂಗೀಕಾರವಾದ ಹತ್ತು ನಿರ್ಣಯ
■ ಪಶ್ಚಿಮ ಘಟ್ಟದ ಸೂಕ್ಷ್ಮ ಪ್ರದೇಶದಲ್ಲಿ ಬೇಡ್ತಿ-ವರದಾ ನದಿ ತಿರುವು ಯೋಜನೆ ಬೇಡ
■ ಎತ್ತಿನಹೊಳೆ ಮಾದರಿ ಯೋಜನೆಗಳ ವಿಫಲತೆಯಿಂದ ಸರ್ಕಾರ ಪಾಠ ಕಲಿಯಬೇಕು
■ ನದಿ ತಿರುವು ಯೋಜನೆಗಳಿಂದ ಜೀವವೈವಿಧ್ಯ ನಾಶ; ಸ್ಥಳೀಯರ ಬದುಕು ಅತಂತ್ರ
■ ಈ ಹಿಂದಿನ ಯೋಜನೆಗಳಿಂದ ಆದ ಹಾನಿಯ ಸಮಗ್ರ ಅಧ್ಯಯನ ನಡೆಸಬೇಕು
■ ಸ್ಥಳೀಯ ಗ್ರಾಮ ಸಭೆಗಳ ಅಭಿಪ್ರಾಯ ಪಡೆಯದೆ ಯಾವುದೇ ಯೋಜನೆ ಜಾರಿಗೊಳಿಸಬಾರದು
■ ಬೇಡ್ತಿ ನದಿ ಜೋಡಣೆ ಪ್ರಸ್ತಾವನೆ ಹಿಂಪಡೆಯಬೇಕು
■ ಅಘನಾಶಿನಿ ನದಿ ತಿರುವು ಯೋಜನೆಗೆ ಅವಕಾಶ ನೀಡಬಾರದು
■ ನದಿ ಕಣಿವೆಗಳ ಸಂರಕ್ಷಣೆಗೆ ವಿಶೇಷ ನೀತಿ ರೂಪಿಸಬೇಕು
■ ಪರಿಸರ ತಜ್ಞರ ಸಮಿತಿ ರಚಿಸಿ ವರದಿ ಪಡೆಯಬೇಕು
■ ಮುಂದಿನ ಹೋರಾಟಕ್ಕೆ ಸಮಿತಿ ರಚನೆ; ಜನಜಾಗೃತಿ ಅಭಿಯಾನ
